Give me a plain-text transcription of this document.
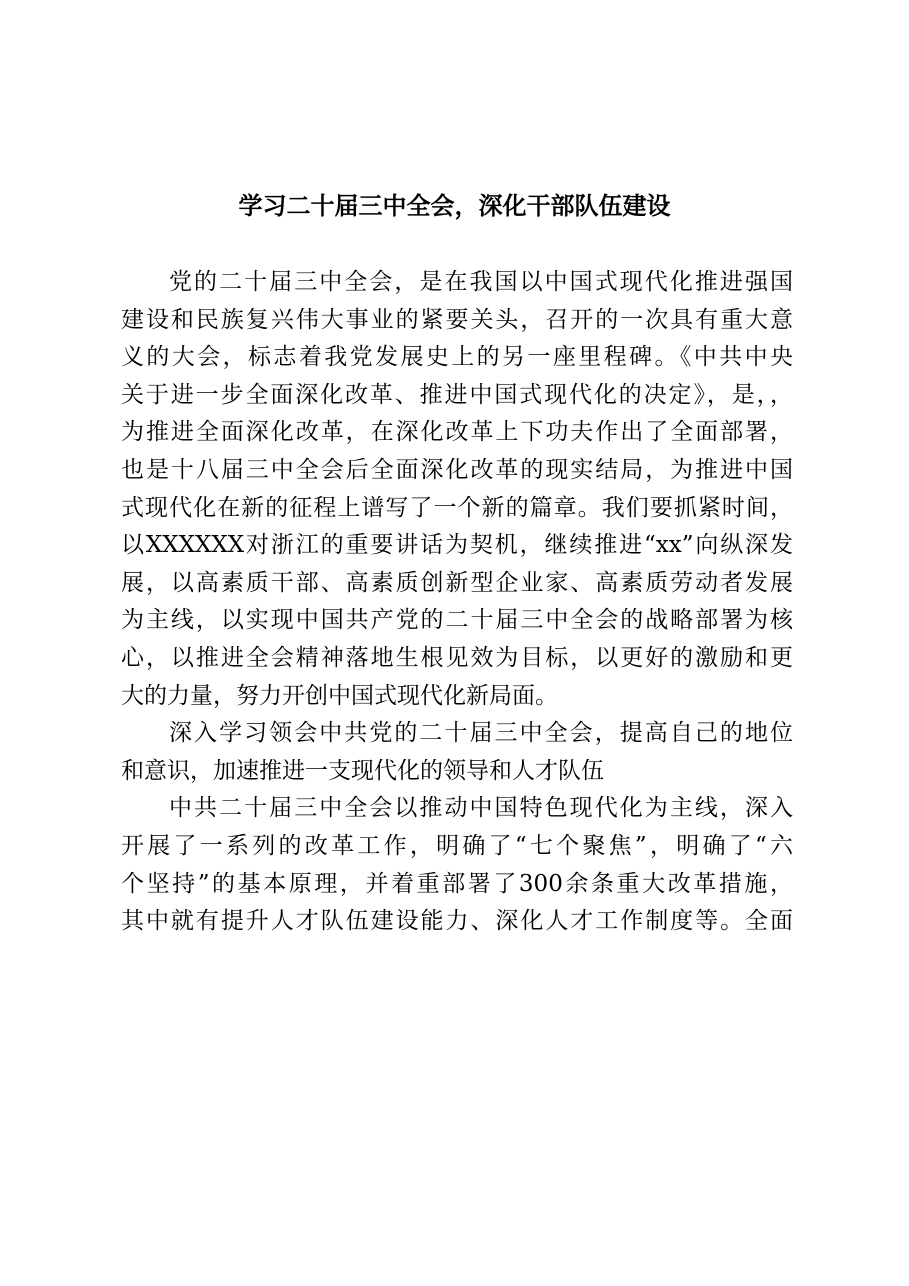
学习二十届三中全会，深化干部队伍建设
党的二十届三中全会，是在我国以中国式现代化推进强国
建设和民族复兴伟大事业的紧要关头，召开的一次具有重大意
义的大会，标志着我党发展史上的另一座里程碑。《中共中央
关于进一步全面深化改革、推进中国式现代化的决定》，是，，
为推进全面深化改革，在深化改革上下功夫作出了全面部署，
也是十八届三中全会后全面深化改革的现实结局，为推进中国
式现代化在新的征程上谱写了一个新的篇章。我们要抓紧时间，
以XXXXXX对浙江的重要讲话为契机，继续推进“xx”向纵深发
展，以高素质干部、高素质创新型企业家、高素质劳动者发展
为主线，以实现中国共产党的二十届三中全会的战略部署为核
心，以推进全会精神落地生根见效为目标，以更好的激励和更
大的力量，努力开创中国式现代化新局面。
深入学习领会中共党的二十届三中全会，提高自己的地位
和意识，加速推进一支现代化的领导和人才队伍
中共二十届三中全会以推动中国特色现代化为主线，深入
开展了一系列的改革工作，明确了“七个聚焦”，明确了“六
个坚持”的基本原理，并着重部署了300余条重大改革措施，
其中就有提升人才队伍建设能力、深化人才工作制度等。全面
